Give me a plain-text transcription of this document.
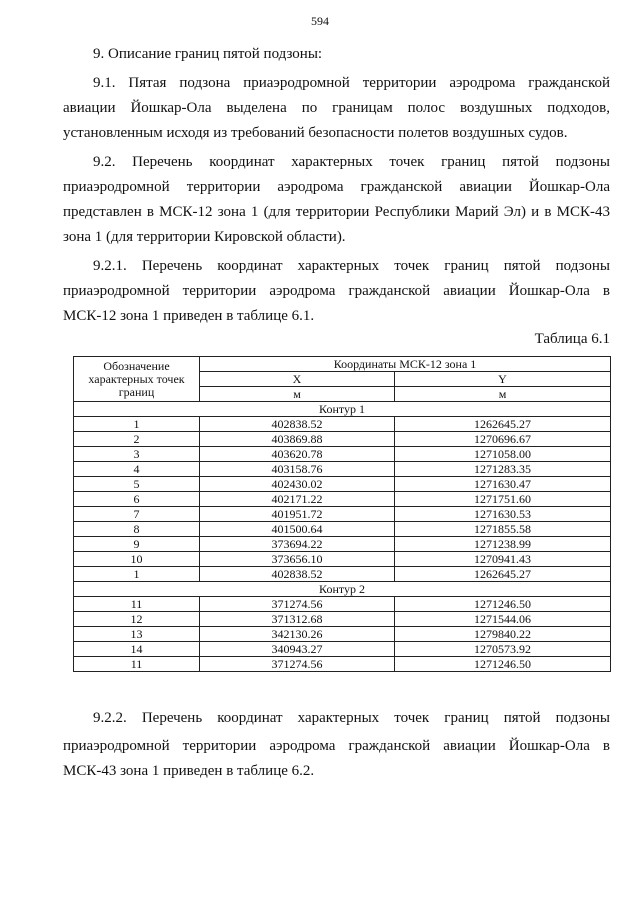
594
9. Описание границ пятой подзоны:
9.1. Пятая подзона приаэродромной территории аэродрома гражданской
авиации Йошкар-Ола выделена по границам полос воздушных подходов,
установленным исходя из требований безопасности полетов воздушных судов.
9.2. Перечень координат характерных точек границ пятой подзоны
приаэродромной территории аэродрома гражданской авиации Йошкар-Ола
представлен в МСК-12 зона 1 (для территории Республики Марий Эл) и в МСК-43
зона 1 (для территории Кировской области).
9.2.1. Перечень координат характерных точек границ пятой подзоны
приаэродромной территории аэродрома гражданской авиации Йошкар-Ола в
МСК-12 зона 1 приведен в таблице 6.1.
Таблица 6.1
Обозначение характерных точек границ	Координаты МСК-12 зона 1	
	X	Y
	м	м
Контур 1		
1	402838.52	1262645.27
2	403869.88	1270696.67
3	403620.78	1271058.00
4	403158.76	1271283.35
5	402430.02	1271630.47
6	402171.22	1271751.60
7	401951.72	1271630.53
8	401500.64	1271855.58
9	373694.22	1271238.99
10	373656.10	1270941.43
1	402838.52	1262645.27
Контур 2		
11	371274.56	1271246.50
12	371312.68	1271544.06
13	342130.26	1279840.22
14	340943.27	1270573.92
11	371274.56	1271246.50
9.2.2. Перечень координат характерных точек границ пятой подзоны
приаэродромной территории аэродрома гражданской авиации Йошкар-Ола в
МСК-43 зона 1 приведен в таблице 6.2.
